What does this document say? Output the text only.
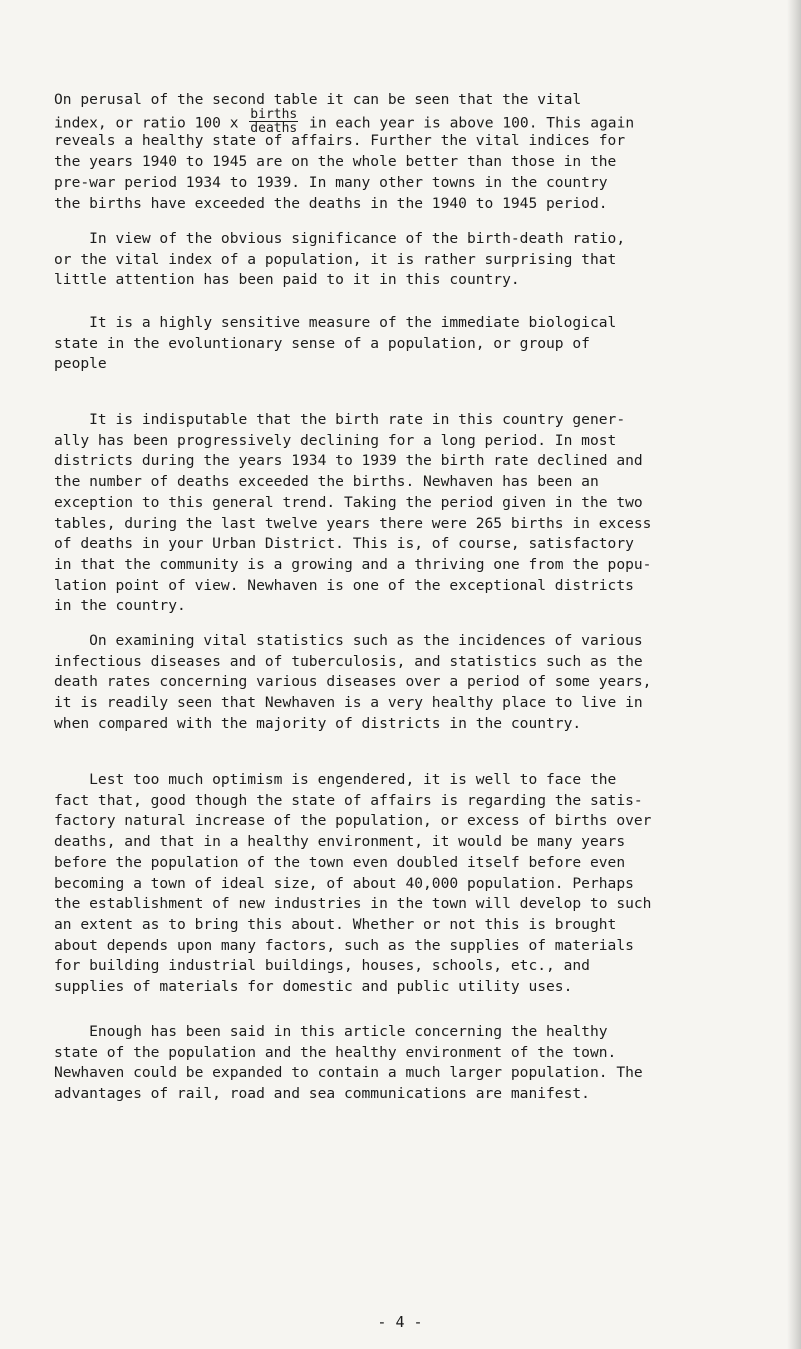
On perusal of the second table it can be seen that the vital
index, or ratio 100 x $\frac{\text{births}}{\text{deaths}}$ in each year is above 100. This again
reveals a healthy state of affairs. Further the vital indices for
the years 1940 to 1945 are on the whole better than those in the
pre-war period 1934 to 1939. In many other towns in the country
the births have exceeded the deaths in the 1940 to 1945 period.
In view of the obvious significance of the birth-death ratio,
or the vital index of a population, it is rather surprising that
little attention has been paid to it in this country.
It is a highly sensitive measure of the immediate biological
state in the evoluntionary sense of a population, or group of
people
It is indisputable that the birth rate in this country gener-
ally has been progressively declining for a long period. In most
districts during the years 1934 to 1939 the birth rate declined and
the number of deaths exceeded the births. Newhaven has been an
exception to this general trend. Taking the period given in the two
tables, during the last twelve years there were 265 births in excess
of deaths in your Urban District. This is, of course, satisfactory
in that the community is a growing and a thriving one from the popu-
lation point of view. Newhaven is one of the exceptional districts
in the country.
On examining vital statistics such as the incidences of various
infectious diseases and of tuberculosis, and statistics such as the
death rates concerning various diseases over a period of some years,
it is readily seen that Newhaven is a very healthy place to live in
when compared with the majority of districts in the country.
Lest too much optimism is engendered, it is well to face the
fact that, good though the state of affairs is regarding the satis-
factory natural increase of the population, or excess of births over
deaths, and that in a healthy environment, it would be many years
before the population of the town even doubled itself before even
becoming a town of ideal size, of about 40,000 population. Perhaps
the establishment of new industries in the town will develop to such
an extent as to bring this about. Whether or not this is brought
about depends upon many factors, such as the supplies of materials
for building industrial buildings, houses, schools, etc., and
supplies of materials for domestic and public utility uses.
Enough has been said in this article concerning the healthy
state of the population and the healthy environment of the town.
Newhaven could be expanded to contain a much larger population. The
advantages of rail, road and sea communications are manifest.
- 4 -
